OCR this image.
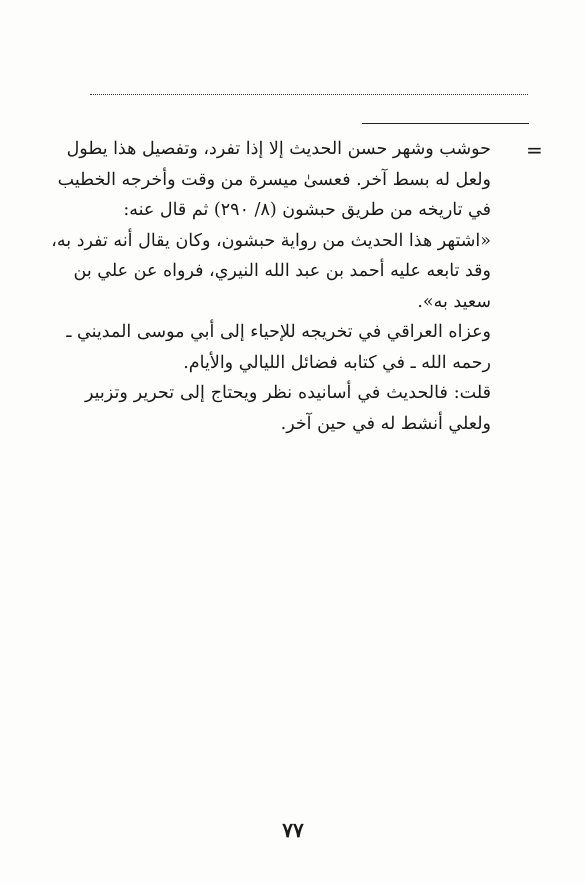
=

حوشب وشهر حسن الحديث إلا إذا تفرد، وتفصيل هذا يطول
ولعل له بسط آخر. فعسىٰ ميسرة من وقت وأخرجه الخطيب
في تاريخه من طريق حبشون (٨/ ٢٩٠) ثم قال عنه:

«اشتهر هذا الحديث من رواية حبشون، وكان يقال أنه تفرد به،
وقد تابعه عليه أحمد بن عبد الله النيري، فرواه عن علي بن
سعيد به».

وعزاه العراقي في تخريجه للإحياء إلى أبي موسى المديني ـ
رحمه الله ـ في كتابه فضائل الليالي والأيام.

قلت: فالحديث في أسانيده نظر ويحتاج إلى تحرير وتزبير
ولعلي أنشط له في حين آخر.

٧٧
